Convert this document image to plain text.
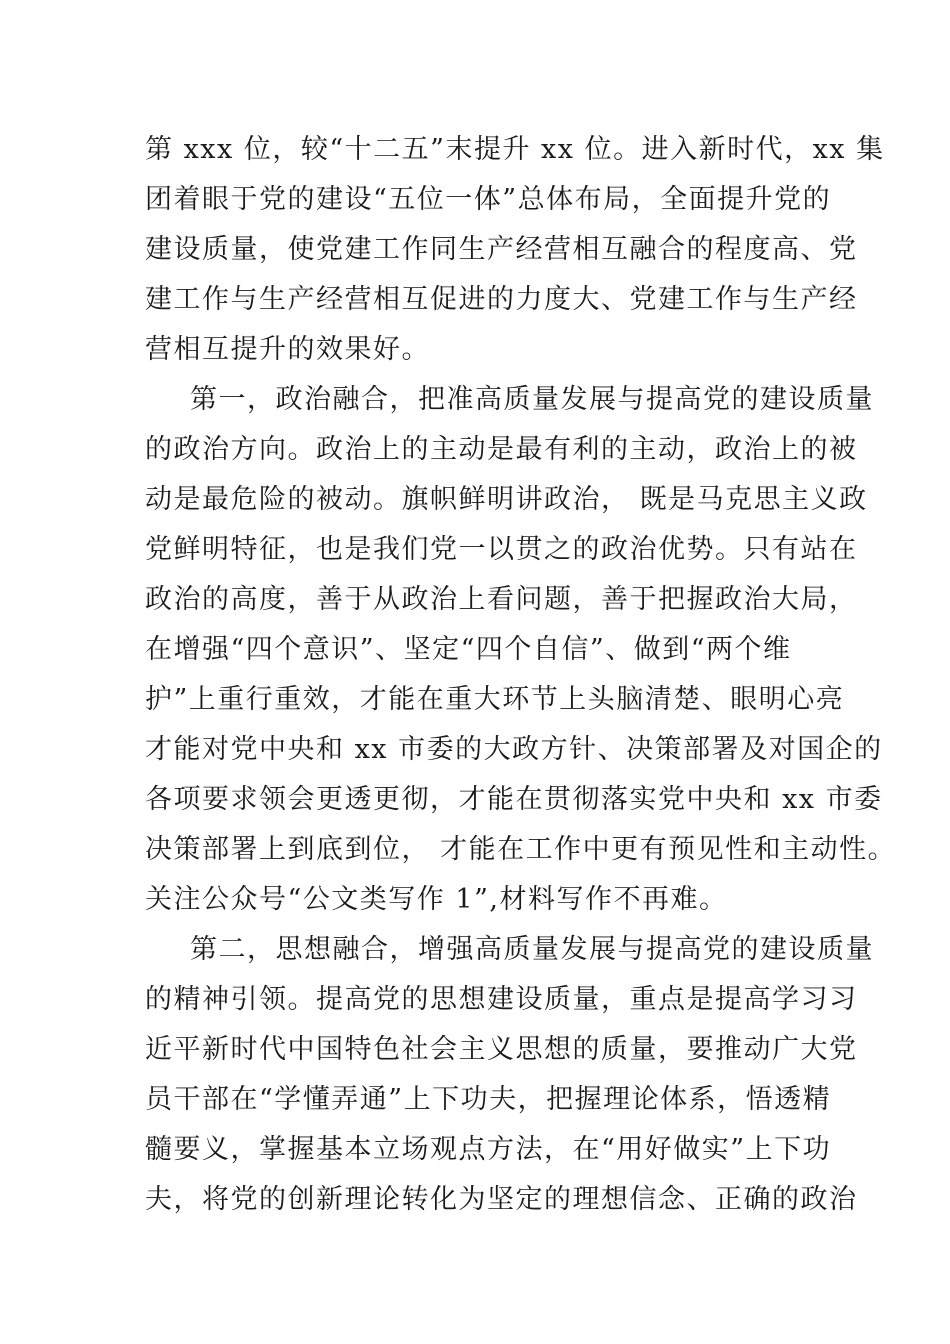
第 xxx 位，较“十二五”末提升 xx 位。进入新时代，xx 集
团着眼于党的建设“五位一体”总体布局，全面提升党的
建设质量，使党建工作同生产经营相互融合的程度高、党
建工作与生产经营相互促进的力度大、党建工作与生产经
营相互提升的效果好。
第一，政治融合，把准高质量发展与提高党的建设质量
的政治方向。政治上的主动是最有利的主动，政治上的被
动是最危险的被动。旗帜鲜明讲政治， 既是马克思主义政
党鲜明特征，也是我们党一以贯之的政治优势。只有站在
政治的高度，善于从政治上看问题，善于把握政治大局，
在增强“四个意识”、坚定“四个自信”、做到“两个维
护”上重行重效，才能在重大环节上头脑清楚、眼明心亮
才能对党中央和 xx 市委的大政方针、决策部署及对国企的
各项要求领会更透更彻，才能在贯彻落实党中央和 xx 市委
决策部署上到底到位， 才能在工作中更有预见性和主动性。
关注公众号“公文类写作 1”,材料写作不再难。
第二，思想融合，增强高质量发展与提高党的建设质量
的精神引领。提高党的思想建设质量，重点是提高学习习
近平新时代中国特色社会主义思想的质量，要推动广大党
员干部在“学懂弄通”上下功夫，把握理论体系，悟透精
髓要义，掌握基本立场观点方法，在“用好做实”上下功
夫，将党的创新理论转化为坚定的理想信念、正确的政治
